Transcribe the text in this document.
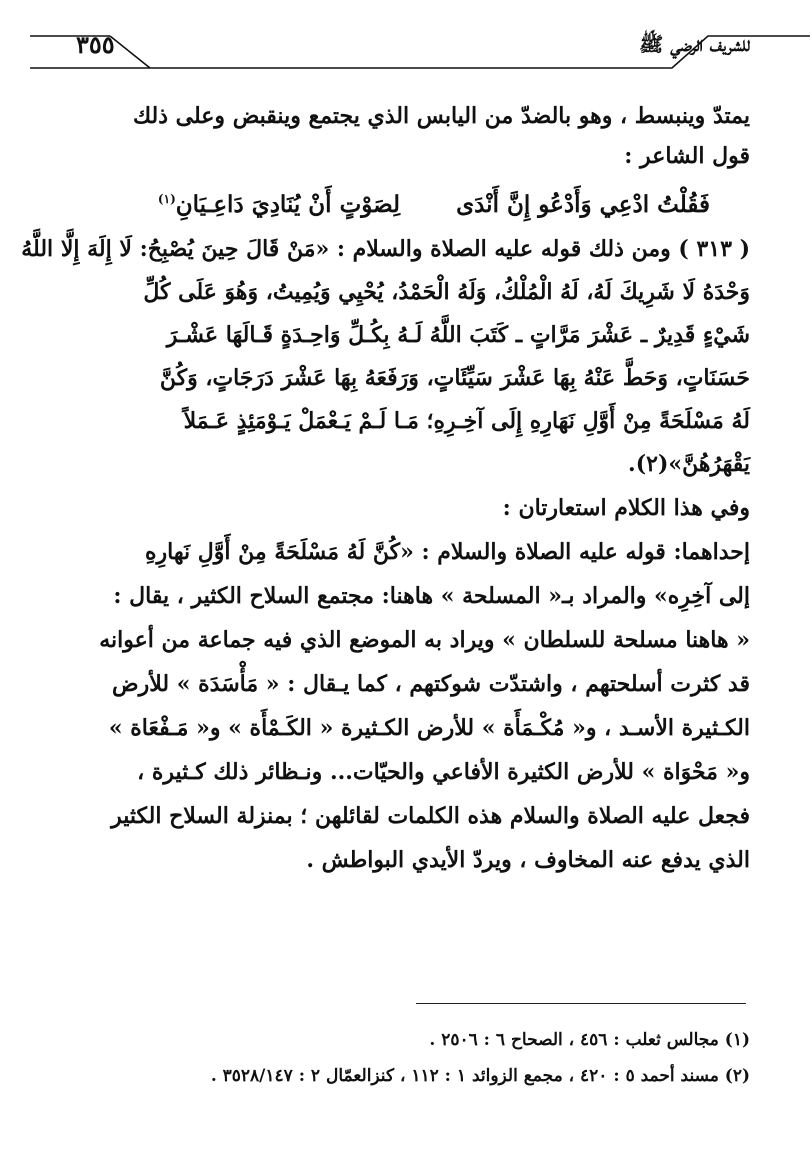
للشريف الرضي ﷺ
٣٥٥

يمتدّ وينبسط ، وهو بالضدّ من اليابس الذي يجتمع وينقبض وعلى ذلك

قول الشاعر :

فَقُلْتُ ادْعِي وَأَدْعُو إِنَّ أَنْدَى  لِصَوْتٍ أَنْ يُنَادِيَ دَاعِـيَانِ(١)

( ٣١٣ ) ومن ذلك قوله عليه الصلاة والسلام : «مَنْ قَالَ حِينَ يُصْبِحُ: لَا إِلَهَ إِلَّا اللَّهُ

وَحْدَهُ لَا شَرِيكَ لَهُ، لَهُ الْمُلْكُ، وَلَهُ الْحَمْدُ، يُحْيِي وَيُمِيتُ، وَهُوَ عَلَى كُلِّ

شَيْءٍ قَدِيرٌ ـ عَشْرَ مَرَّاتٍ ـ كَتَبَ اللَّهُ لَـهُ بِكُـلِّ وَاحِـدَةٍ قَـالَهَا عَشْـرَ

حَسَنَاتٍ، وَحَطَّ عَنْهُ بِهَا عَشْرَ سَيِّئَاتٍ، وَرَفَعَهُ بِهَا عَشْرَ دَرَجَاتٍ، وَكُنَّ

لَهُ مَسْلَحَةً مِنْ أَوَّلِ نَهَارِهِ إِلَى آخِـرِهِ؛ مَـا لَـمْ يَـعْمَلْ يَـوْمَئِذٍ عَـمَلاً

يَقْهَرُهُنَّ»(٢).

وفي هذا الكلام استعارتان :

إحداهما: قوله عليه الصلاة والسلام : «كُنَّ لَهُ مَسْلَحَةً مِنْ أَوَّلِ نَهارِهِ

إلى آخِرِه» والمراد بـ« المسلحة » هاهنا: مجتمع السلاح الكثير ، يقال :

« هاهنا مسلحة للسلطان » ويراد به الموضع الذي فيه جماعة من أعوانه

قد كثرت أسلحتهم ، واشتدّت شوكتهم ، كما يـقال : « مَأْسَدَة » للأرض

الكـثيرة الأسـد ، و« مُكْـمَأَة » للأرض الكـثيرة « الكَـمْأَة » و« مَـفْعَاة »

و« مَحْوَاة » للأرض الكثيرة الأفاعي والحيّات... ونـظائر ذلك كـثيرة ،

فجعل عليه الصلاة والسلام هذه الكلمات لقائلهن ؛ بمنزلة السلاح الكثير

الذي يدفع عنه المخاوف ، ويردّ الأيدي البواطش .

(١) مجالس ثعلب : ٤٥٦ ، الصحاح ٦ : ٢٥٠٦ .

(٢) مسند أحمد ٥ : ٤٢٠ ، مجمع الزوائد ١ : ١١٢ ، كنزالعمّال ٢ : ٣٥٢٨/١٤٧ .
